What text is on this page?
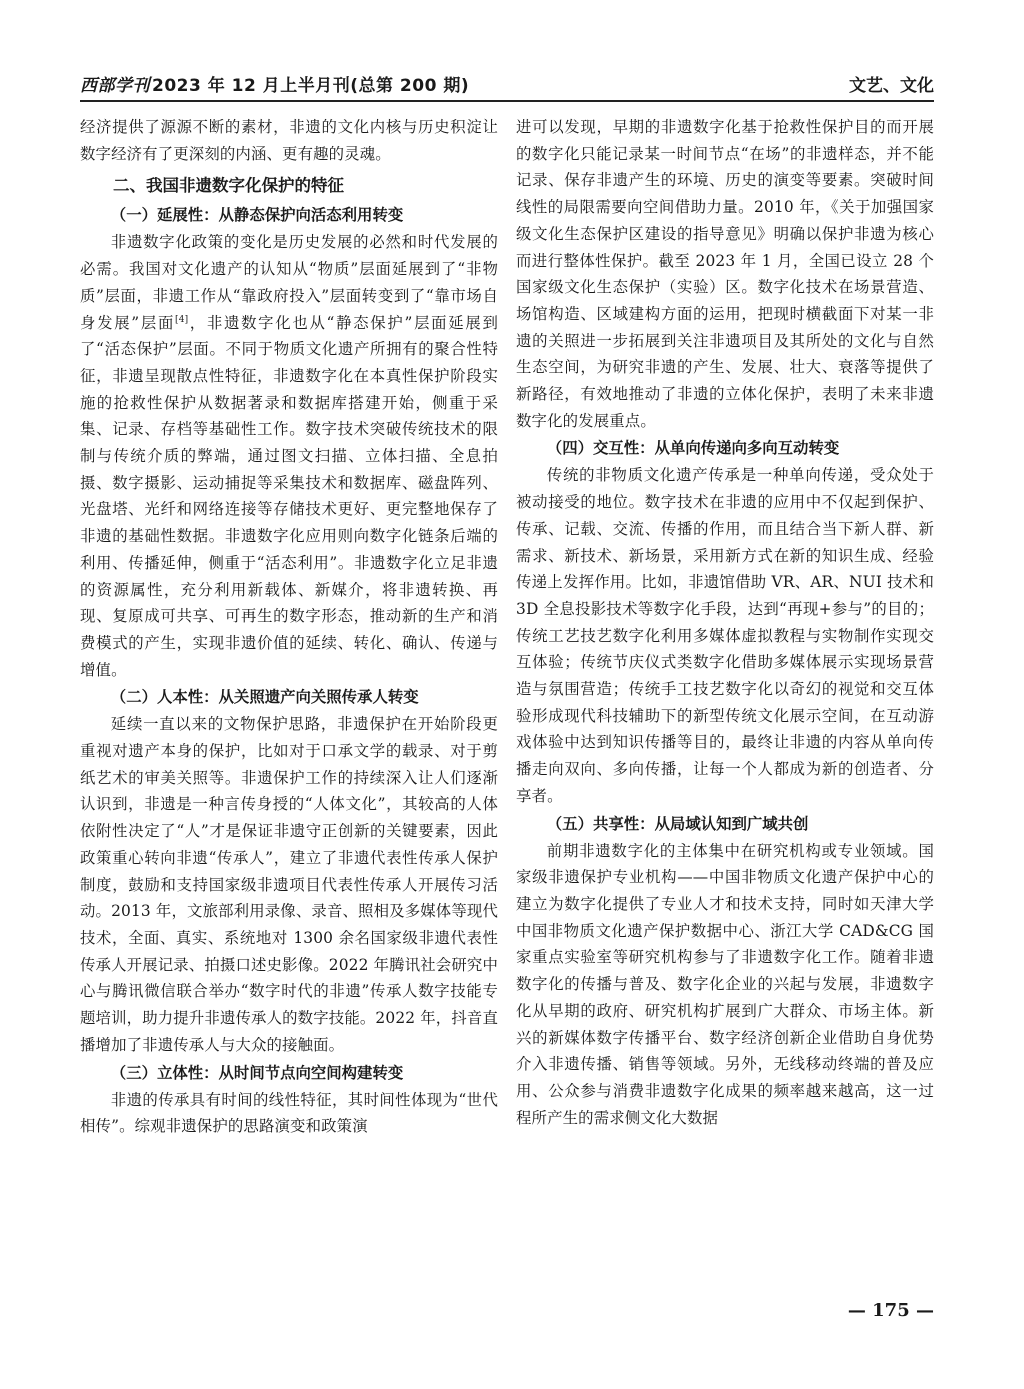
西部学刊 2023 年 12 月上半月刊(总第 200 期)	文艺、文化

经济提供了源源不断的素材，非遗的文化内核与历史积淀让数字经济有了更深刻的内涵、更有趣的灵魂。

二、我国非遗数字化保护的特征
（一）延展性：从静态保护向活态利用转变

非遗数字化政策的变化是历史发展的必然和时代发展的必需。我国对文化遗产的认知从“物质”层面延展到了“非物质”层面，非遗工作从“靠政府投入”层面转变到了“靠市场自身发展”层面[4]，非遗数字化也从“静态保护”层面延展到了“活态保护”层面。不同于物质文化遗产所拥有的聚合性特征，非遗呈现散点性特征，非遗数字化在本真性保护阶段实施的抢救性保护从数据著录和数据库搭建开始，侧重于采集、记录、存档等基础性工作。数字技术突破传统技术的限制与传统介质的弊端，通过图文扫描、立体扫描、全息拍摄、数字摄影、运动捕捉等采集技术和数据库、磁盘阵列、光盘塔、光纤和网络连接等存储技术更好、更完整地保存了非遗的基础性数据。非遗数字化应用则向数字化链条后端的利用、传播延伸，侧重于“活态利用”。非遗数字化立足非遗的资源属性，充分利用新载体、新媒介，将非遗转换、再现、复原成可共享、可再生的数字形态，推动新的生产和消费模式的产生，实现非遗价值的延续、转化、确认、传递与增值。

（二）人本性：从关照遗产向关照传承人转变

延续一直以来的文物保护思路，非遗保护在开始阶段更重视对遗产本身的保护，比如对于口承文学的载录、对于剪纸艺术的审美关照等。非遗保护工作的持续深入让人们逐渐认识到，非遗是一种言传身授的“人体文化”，其较高的人体依附性决定了“人”才是保证非遗守正创新的关键要素，因此政策重心转向非遗“传承人”，建立了非遗代表性传承人保护制度，鼓励和支持国家级非遗项目代表性传承人开展传习活动。2013 年，文旅部利用录像、录音、照相及多媒体等现代技术，全面、真实、系统地对 1300 余名国家级非遗代表性传承人开展记录、拍摄口述史影像。2022 年腾讯社会研究中心与腾讯微信联合举办“数字时代的非遗”传承人数字技能专题培训，助力提升非遗传承人的数字技能。2022 年，抖音直播增加了非遗传承人与大众的接触面。

（三）立体性：从时间节点向空间构建转变

非遗的传承具有时间的线性特征，其时间性体现为“世代相传”。综观非遗保护的思路演变和政策演

进可以发现，早期的非遗数字化基于抢救性保护目的而开展的数字化只能记录某一时间节点“在场”的非遗样态，并不能记录、保存非遗产生的环境、历史的演变等要素。突破时间线性的局限需要向空间借助力量。2010 年，《关于加强国家级文化生态保护区建设的指导意见》明确以保护非遗为核心而进行整体性保护。截至 2023 年 1 月，全国已设立 28 个国家级文化生态保护（实验）区。数字化技术在场景营造、场馆构造、区域建构方面的运用，把现时横截面下对某一非遗的关照进一步拓展到关注非遗项目及其所处的文化与自然生态空间，为研究非遗的产生、发展、壮大、衰落等提供了新路径，有效地推动了非遗的立体化保护，表明了未来非遗数字化的发展重点。

（四）交互性：从单向传递向多向互动转变

传统的非物质文化遗产传承是一种单向传递，受众处于被动接受的地位。数字技术在非遗的应用中不仅起到保护、传承、记载、交流、传播的作用，而且结合当下新人群、新需求、新技术、新场景，采用新方式在新的知识生成、经验传递上发挥作用。比如，非遗馆借助 VR、AR、NUI 技术和 3D 全息投影技术等数字化手段，达到“再现+参与”的目的；传统工艺技艺数字化利用多媒体虚拟教程与实物制作实现交互体验；传统节庆仪式类数字化借助多媒体展示实现场景营造与氛围营造；传统手工技艺数字化以奇幻的视觉和交互体验形成现代科技辅助下的新型传统文化展示空间，在互动游戏体验中达到知识传播等目的，最终让非遗的内容从单向传播走向双向、多向传播，让每一个人都成为新的创造者、分享者。

（五）共享性：从局域认知到广域共创

前期非遗数字化的主体集中在研究机构或专业领域。国家级非遗保护专业机构——中国非物质文化遗产保护中心的建立为数字化提供了专业人才和技术支持，同时如天津大学中国非物质文化遗产保护数据中心、浙江大学 CAD&CG 国家重点实验室等研究机构参与了非遗数字化工作。随着非遗数字化的传播与普及、数字化企业的兴起与发展，非遗数字化从早期的政府、研究机构扩展到广大群众、市场主体。新兴的新媒体数字传播平台、数字经济创新企业借助自身优势介入非遗传播、销售等领域。另外，无线移动终端的普及应用、公众参与消费非遗数字化成果的频率越来越高，这一过程所产生的需求侧文化大数据

— 175 —
